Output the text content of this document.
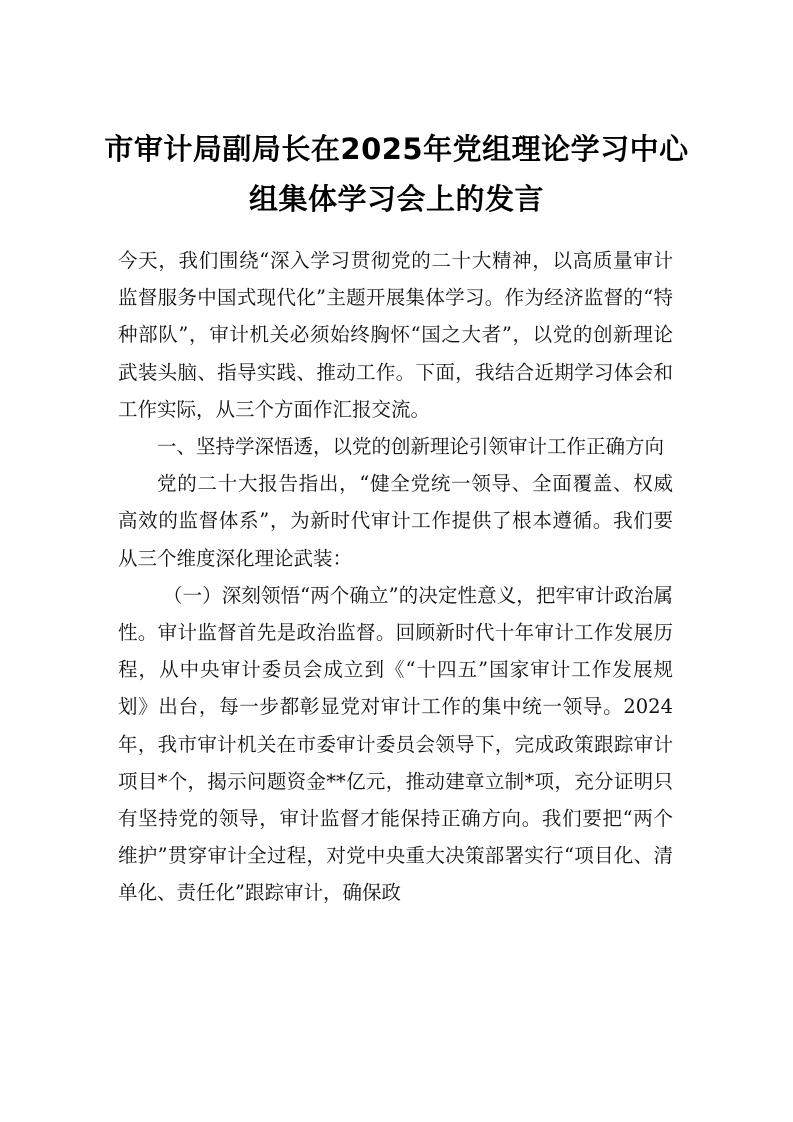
市审计局副局长在2025年党组理论学习中心组集体学习会上的发言

今天，我们围绕“深入学习贯彻党的二十大精神，以高质量审计监督服务中国式现代化”主题开展集体学习。作为经济监督的“特种部队”，审计机关必须始终胸怀“国之大者”，以党的创新理论武装头脑、指导实践、推动工作。下面，我结合近期学习体会和工作实际，从三个方面作汇报交流。

一、坚持学深悟透，以党的创新理论引领审计工作正确方向

党的二十大报告指出，“健全党统一领导、全面覆盖、权威高效的监督体系”，为新时代审计工作提供了根本遵循。我们要从三个维度深化理论武装：

（一）深刻领悟“两个确立”的决定性意义，把牢审计政治属性。审计监督首先是政治监督。回顾新时代十年审计工作发展历程，从中央审计委员会成立到《“十四五”国家审计工作发展规划》出台，每一步都彰显党对审计工作的集中统一领导。2024年，我市审计机关在市委审计委员会领导下，完成政策跟踪审计项目*个，揭示问题资金**亿元，推动建章立制*项，充分证明只有坚持党的领导，审计监督才能保持正确方向。我们要把“两个维护”贯穿审计全过程，对党中央重大决策部署实行“项目化、清单化、责任化”跟踪审计，确保政
